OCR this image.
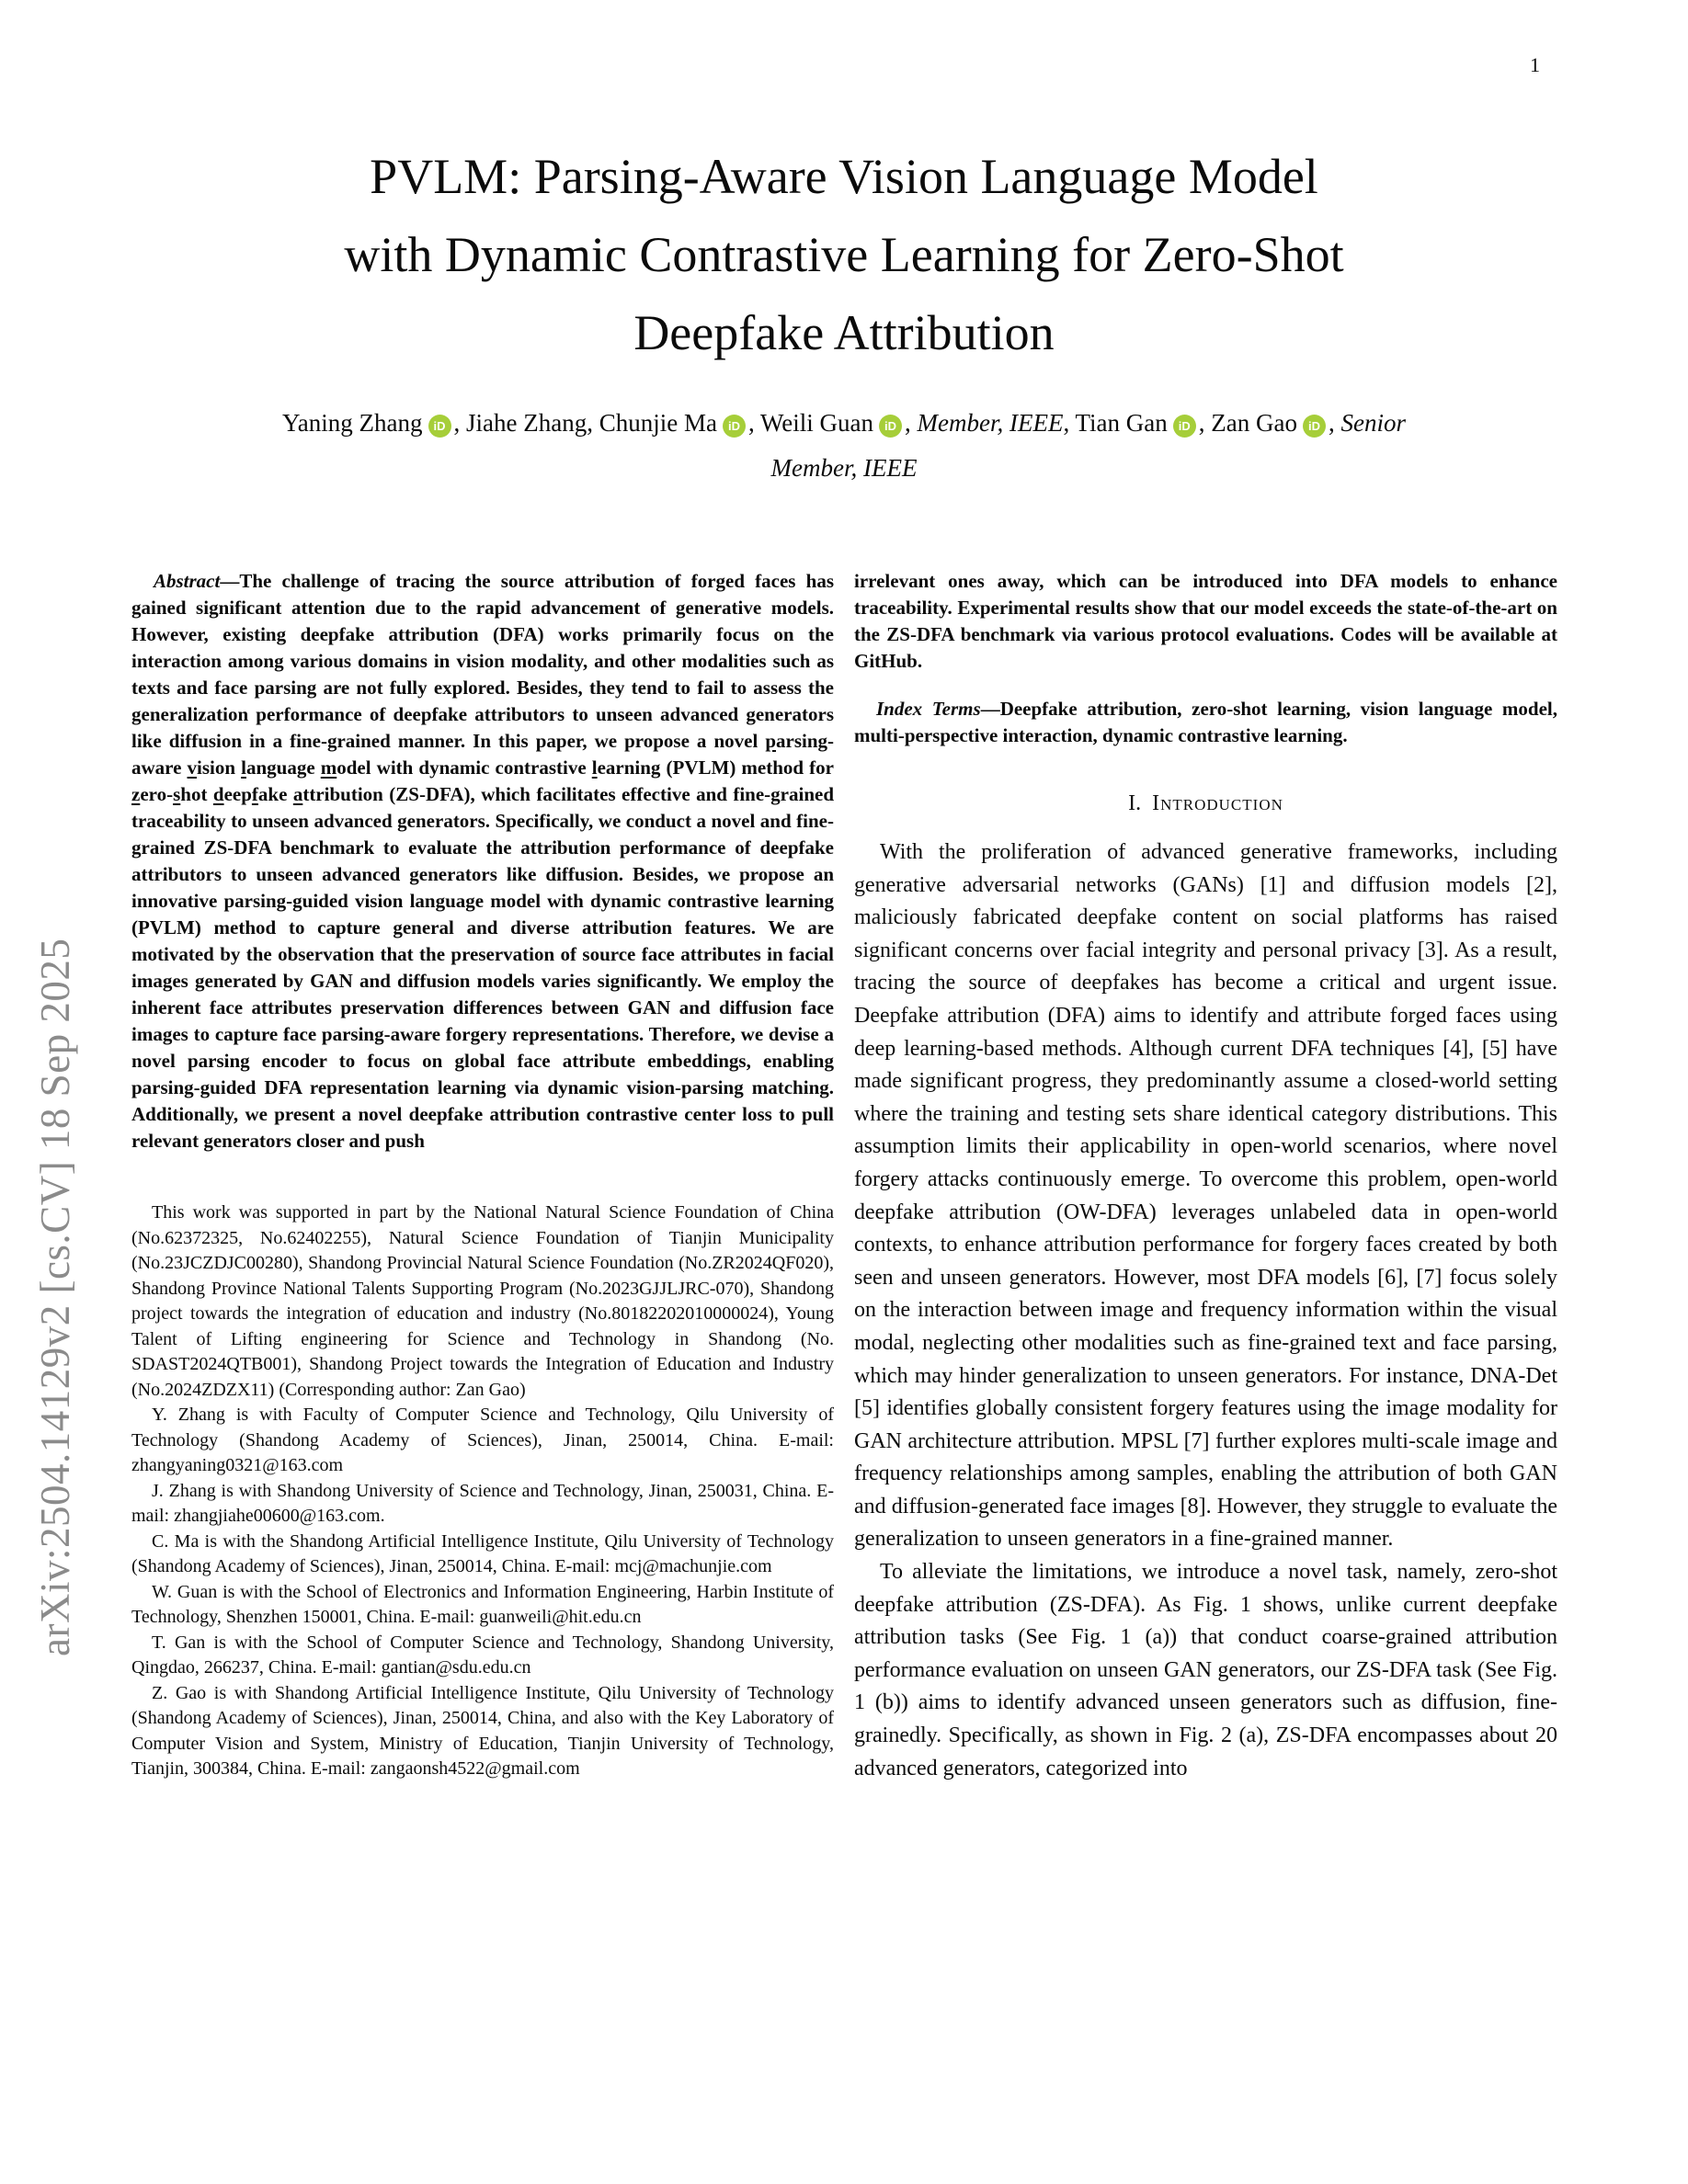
1
arXiv:2504.14129v2 [cs.CV] 18 Sep 2025
PVLM: Parsing-Aware Vision Language Model
with Dynamic Contrastive Learning for Zero-Shot
Deepfake Attribution
Yaning Zhang iD , Jiahe Zhang, Chunjie Ma iD , Weili Guan iD , Member, IEEE, Tian Gan iD , Zan Gao iD , Senior
Member, IEEE

Abstract—The challenge of tracing the source attribution of forged faces has gained significant attention due to the rapid advancement of generative models. However, existing deepfake attribution (DFA) works primarily focus on the interaction among various domains in vision modality, and other modalities such as texts and face parsing are not fully explored. Besides, they tend to fail to assess the generalization performance of deepfake attributors to unseen advanced generators like diffusion in a fine-grained manner. In this paper, we propose a novel parsing-aware vision language model with dynamic contrastive learning (PVLM) method for zero-shot deepfake attribution (ZS-DFA), which facilitates effective and fine-grained traceability to unseen advanced generators. Specifically, we conduct a novel and fine-grained ZS-DFA benchmark to evaluate the attribution performance of deepfake attributors to unseen advanced generators like diffusion. Besides, we propose an innovative parsing-guided vision language model with dynamic contrastive learning (PVLM) method to capture general and diverse attribution features. We are motivated by the observation that the preservation of source face attributes in facial images generated by GAN and diffusion models varies significantly. We employ the inherent face attributes preservation differences between GAN and diffusion face images to capture face parsing-aware forgery representations. Therefore, we devise a novel parsing encoder to focus on global face attribute embeddings, enabling parsing-guided DFA representation learning via dynamic vision-parsing matching. Additionally, we present a novel deepfake attribution contrastive center loss to pull relevant generators closer and push

This work was supported in part by the National Natural Science Foundation of China (No.62372325, No.62402255), Natural Science Foundation of Tianjin Municipality (No.23JCZDJC00280), Shandong Provincial Natural Science Foundation (No.ZR2024QF020), Shandong Province National Talents Supporting Program (No.2023GJJLJRC-070), Shandong project towards the integration of education and industry (No.80182202010000024), Young Talent of Lifting engineering for Science and Technology in Shandong (No. SDAST2024QTB001), Shandong Project towards the Integration of Education and Industry (No.2024ZDZX11) (Corresponding author: Zan Gao)

Y. Zhang is with Faculty of Computer Science and Technology, Qilu University of Technology (Shandong Academy of Sciences), Jinan, 250014, China. E-mail: zhangyaning0321@163.com

J. Zhang is with Shandong University of Science and Technology, Jinan, 250031, China. E-mail: zhangjiahe00600@163.com.

C. Ma is with the Shandong Artificial Intelligence Institute, Qilu University of Technology (Shandong Academy of Sciences), Jinan, 250014, China. E-mail: mcj@machunjie.com

W. Guan is with the School of Electronics and Information Engineering, Harbin Institute of Technology, Shenzhen 150001, China. E-mail: guanweili@hit.edu.cn

T. Gan is with the School of Computer Science and Technology, Shandong University, Qingdao, 266237, China. E-mail: gantian@sdu.edu.cn

Z. Gao is with Shandong Artificial Intelligence Institute, Qilu University of Technology (Shandong Academy of Sciences), Jinan, 250014, China, and also with the Key Laboratory of Computer Vision and System, Ministry of Education, Tianjin University of Technology, Tianjin, 300384, China. E-mail: zangaonsh4522@gmail.com

irrelevant ones away, which can be introduced into DFA models to enhance traceability. Experimental results show that our model exceeds the state-of-the-art on the ZS-DFA benchmark via various protocol evaluations. Codes will be available at GitHub.

Index Terms—Deepfake attribution, zero-shot learning, vision language model, multi-perspective interaction, dynamic contrastive learning.

I. Introduction

With the proliferation of advanced generative frameworks, including generative adversarial networks (GANs) [1] and diffusion models [2], maliciously fabricated deepfake content on social platforms has raised significant concerns over facial integrity and personal privacy [3]. As a result, tracing the source of deepfakes has become a critical and urgent issue. Deepfake attribution (DFA) aims to identify and attribute forged faces using deep learning-based methods. Although current DFA techniques [4], [5] have made significant progress, they predominantly assume a closed-world setting where the training and testing sets share identical category distributions. This assumption limits their applicability in open-world scenarios, where novel forgery attacks continuously emerge. To overcome this problem, open-world deepfake attribution (OW-DFA) leverages unlabeled data in open-world contexts, to enhance attribution performance for forgery faces created by both seen and unseen generators. However, most DFA models [6], [7] focus solely on the interaction between image and frequency information within the visual modal, neglecting other modalities such as fine-grained text and face parsing, which may hinder generalization to unseen generators. For instance, DNA-Det [5] identifies globally consistent forgery features using the image modality for GAN architecture attribution. MPSL [7] further explores multi-scale image and frequency relationships among samples, enabling the attribution of both GAN and diffusion-generated face images [8]. However, they struggle to evaluate the generalization to unseen generators in a fine-grained manner.

To alleviate the limitations, we introduce a novel task, namely, zero-shot deepfake attribution (ZS-DFA). As Fig. 1 shows, unlike current deepfake attribution tasks (See Fig. 1 (a)) that conduct coarse-grained attribution performance evaluation on unseen GAN generators, our ZS-DFA task (See Fig. 1 (b)) aims to identify advanced unseen generators such as diffusion, fine-grainedly. Specifically, as shown in Fig. 2 (a), ZS-DFA encompasses about 20 advanced generators, categorized into
